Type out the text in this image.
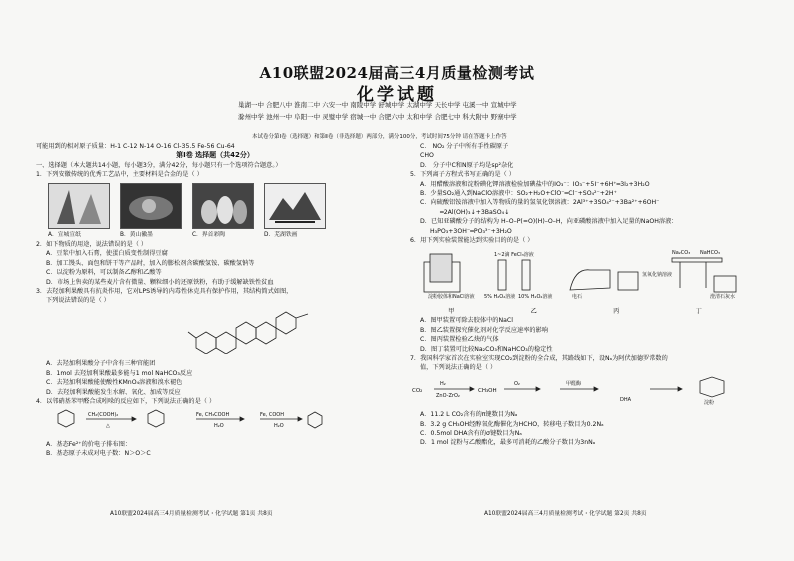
A10联盟2024届高三4月质量检测考试
化学试题
巢湖一中 合肥八中 淮南二中 六安一中 南陵中学 舒城中学 太湖中学 天长中学 屯溪一中 宣城中学
滁州中学 池州一中 阜阳一中 灵璧中学 宿城一中 合肥六中 太和中学 合肥七中 科大附中 野寨中学
本试卷分第Ⅰ卷（选择题）和第Ⅱ卷（非选择题）两部分，满分100分，考试时间75分钟 请在答题卡上作答
可能用到的相对原子质量：H-1 C-12 N-14 O-16 Cl-35.5 Fe-56 Cu-64
第Ⅰ卷 选择题（共42分）
一、选择题（本大题共14小题，每小题3分，满分42分，每小题只有一个选项符合题意。）
1．下列安徽传统的优秀工艺品中，主要材料是合金的是（ ）
A．宣城宣纸	B．黄山徽墨	C．界首彩陶	D．芜湖铁画
2．如下物质的用途，说法错误的是（ ）
A．豆浆中加入石膏，使蛋白质变性制得豆腐
B．加工馒头、面包和饼干等产品时，加入的膨松剂含碳酸氢铵、碳酸氢钠等
C．以淀粉为原料，可以制备乙醇和乙酸等
D．市场上售卖的某些麦片含有微量、颗粒细小的还原铁粉，有助于缓解缺铁性贫血
3．去羟加利果酸具有抗炎作用，它对LPS诱导的内毒性休克具有保护作用，其结构简式如图，
下列说法错误的是（ ）
A．去羟加利果酸分子中含有三种官能团
B．1mol 去羟加利果酸最多能与1 mol NaHCO₃反应
C．去羟加利果酸能使酸性KMnO₄溶液和溴水褪色
D．去羟加利果酸能发生水解、氧化、加成等反应
4．以邻硝基苯甲醛合成吲哚的反应如下，下列说法正确的是（ ）
CH₂(COOH)₂
△
Fe, CH₃COOH
H₂O
Fe, COOH
H₂O
A．基态Fe²⁺的价电子排布图：
B．基态原子未成对电子数：N＞O＞C
A10联盟2024届高三4月质量检测考试・化学试题 第1页 共8页
C． NO₂ 分子中所有手性碳原子
CHO
D． 分子中C和N原子均是sp²杂化
5．下列离子方程式书写正确的是（ ）
A．用醋酸溶液和淀粉碘化钾溶液检验加碘盐中的IO₃⁻：IO₃⁻+5I⁻+6H⁺═3I₂+3H₂O
B．少量SO₂通入到NaClO溶液中：SO₂+H₂O+ClO⁻═Cl⁻+SO₄²⁻+2H⁺
C．向硫酸铝铵溶液中加入等物质的量的氢氧化钡溶液：2Al³⁺+3SO₄²⁻+3Ba²⁺+6OH⁻
═2Al(OH)₃↓+3BaSO₄↓
D．已知亚磷酸分子的结构为 H–O–P(=O)(H)–O–H，向亚磷酸溶液中加入足量的NaOH溶液：
H₃PO₃+3OH⁻═PO₃³⁻+3H₂O
6．用下列实验装置能达到实验目的的是（ ）
淀粉胶体和NaCl溶液
1~2滴 FeCl₃溶液
5% H₂O₂溶液 10% H₂O₂溶液
氢氧化钠溶液
电石	澄清石灰水
Na₂CO₃ NaHCO₃
甲	乙	丙	丁
A．图甲装置可除去胶体中的NaCl
B．图乙装置探究催化剂对化学反应速率的影响
C．图丙装置检验乙炔的气体
D．图丁装置可比较Na₂CO₃和NaHCO₃的稳定性
7．我国科学家首次在实验室实现CO₂到淀粉的全合成，其路线如下，设Nₐ为阿伏加德罗常数的
值，下列说法正确的是（ ）
CO₂
H₂
ZnO-ZrO₂
CH₃OH
O₂	甲醛酶
DHA	淀粉
A．11.2 L CO₂含有的π键数目为Nₐ
B．3.2 g CH₃OH经醇氧化酶催化为HCHO，转移电子数目为0.2Nₐ
C．0.5mol DHA含有的σ键数目为Nₐ
D．1 mol 淀粉与乙酸酯化，最多可消耗的乙酸分子数目为3nNₐ
A10联盟2024届高三4月质量检测考试・化学试题 第2页 共8页
